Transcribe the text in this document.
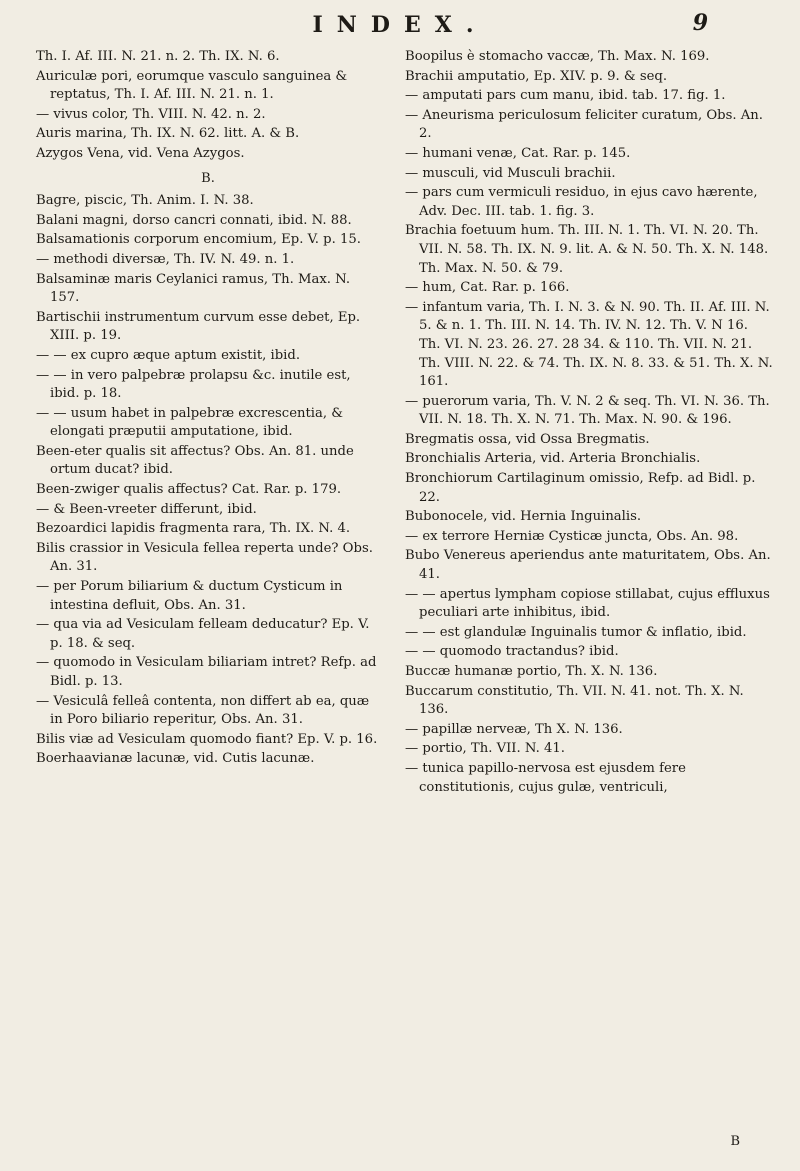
INDEX.	9
Th. I. Af. III. N. 21. n. 2. Th. IX. N. 6.
Auriculæ pori, eorumque vasculo sanguinea & reptatus, Th. I. Af. III. N. 21. n. 1.
— vivus color, Th. VIII. N. 42. n. 2.
Auris marina, Th. IX. N. 62. litt. A. & B.
Azygos Vena, vid. Vena Azygos.
B.
Bagre, piscic, Th. Anim. I. N. 38.
Balani magni, dorso cancri connati, ibid. N. 88.
Balsamationis corporum encomium, Ep. V. p. 15.
— methodi diversæ, Th. IV. N. 49. n. 1.
Balsaminæ maris Ceylanici ramus, Th. Max. N. 157.
Bartischii instrumentum curvum esse debet, Ep. XIII. p. 19.
— — ex cupro æque aptum existit, ibid.
— — in vero palpebræ prolapsu &c. inutile est, ibid. p. 18.
— — usum habet in palpebræ excrescentia, & elongati præputii amputatione, ibid.
Been-eter qualis sit affectus? Obs. An. 81. unde ortum ducat? ibid.
Been-zwiger qualis affectus? Cat. Rar. p. 179.
— & Been-vreeter differunt, ibid.
Bezoardici lapidis fragmenta rara, Th. IX. N. 4.
Bilis crassior in Vesicula fellea reperta unde? Obs. An. 31.
— per Porum biliarium & ductum Cysticum in intestina defluit, Obs. An. 31.
— qua via ad Vesiculam felleam deducatur? Ep. V. p. 18. & seq.
— quomodo in Vesiculam biliariam intret? Refp. ad Bidl. p. 13.
— Vesiculâ felleâ contenta, non differt ab ea, quæ in Poro biliario reperitur, Obs. An. 31.
Bilis viæ ad Vesiculam quomodo fiant? Ep. V. p. 16.
Boerhaavianæ lacunæ, vid. Cutis lacunæ.
Boopilus è stomacho vaccæ, Th. Max. N. 169.
Brachii amputatio, Ep. XIV. p. 9. & seq.
— amputati pars cum manu, ibid. tab. 17. fig. 1.
— Aneurisma periculosum feliciter curatum, Obs. An. 2.
— humani venæ, Cat. Rar. p. 145.
— musculi, vid Musculi brachii.
— pars cum vermiculi residuo, in ejus cavo hærente, Adv. Dec. III. tab. 1. fig. 3.
Brachia foetuum hum. Th. III. N. 1. Th. VI. N. 20. Th. VII. N. 58. Th. IX. N. 9. lit. A. & N. 50. Th. X. N. 148. Th. Max. N. 50. & 79.
— hum, Cat. Rar. p. 166.
— infantum varia, Th. I. N. 3. & N. 90. Th. II. Af. III. N. 5. & n. 1. Th. III. N. 14. Th. IV. N. 12. Th. V. N 16. Th. VI. N. 23. 26. 27. 28 34. & 110. Th. VII. N. 21. Th. VIII. N. 22. & 74. Th. IX. N. 8. 33. & 51. Th. X. N. 161.
— puerorum varia, Th. V. N. 2 & seq. Th. VI. N. 36. Th. VII. N. 18. Th. X. N. 71. Th. Max. N. 90. & 196.
Bregmatis ossa, vid Ossa Bregmatis.
Bronchialis Arteria, vid. Arteria Bronchialis.
Bronchiorum Cartilaginum omissio, Refp. ad Bidl. p. 22.
Bubonocele, vid. Hernia Inguinalis.
— ex terrore Herniæ Cysticæ juncta, Obs. An. 98.
Bubo Venereus aperiendus ante maturitatem, Obs. An. 41.
— — apertus lympham copiose stillabat, cujus effluxus peculiari arte inhibitus, ibid.
— — est glandulæ Inguinalis tumor & inflatio, ibid.
— — quomodo tractandus? ibid.
Buccæ humanæ portio, Th. X. N. 136.
Buccarum constitutio, Th. VII. N. 41. not. Th. X. N. 136.
— papillæ nerveæ, Th X. N. 136.
— portio, Th. VII. N. 41.
— tunica papillo-nervosa est ejusdem fere constitutionis, cujus gulæ, ventriculi,
B
